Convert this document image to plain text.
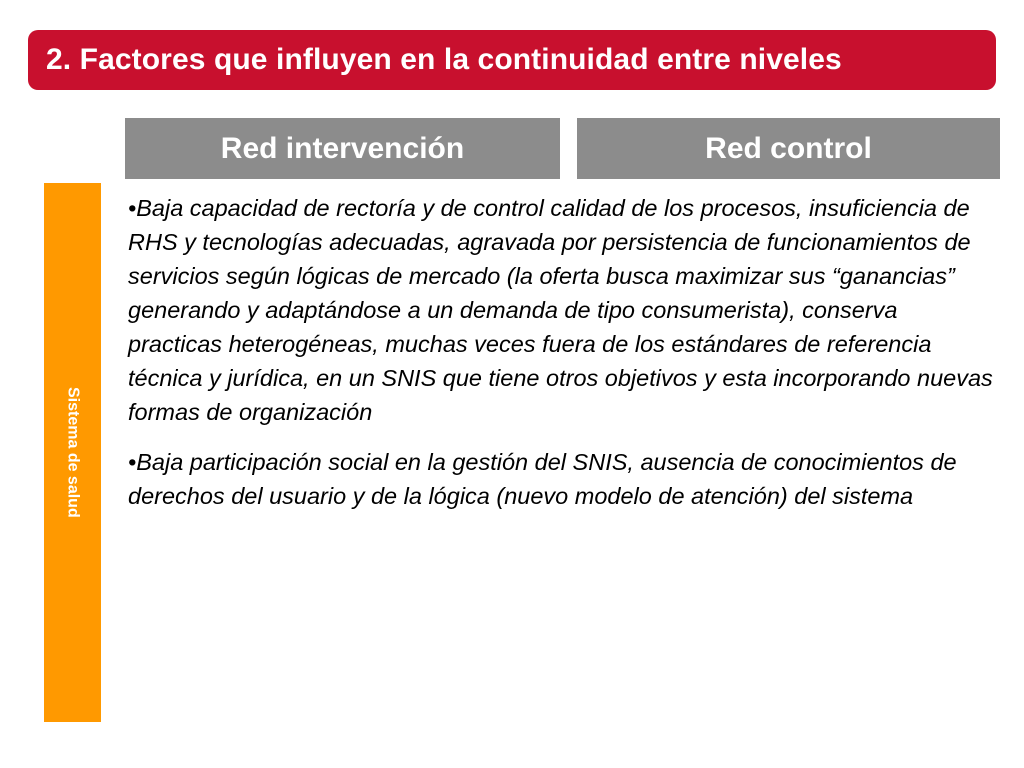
2. Factores que influyen en la continuidad entre niveles
Red intervención	Red control
Sistema de salud

•Baja capacidad de rectoría y de control calidad de los procesos, insuficiencia de RHS y tecnologías adecuadas, agravada por persistencia de funcionamientos de servicios según lógicas de mercado (la oferta busca maximizar sus “ganancias” generando y adaptándose a un demanda de tipo consumerista), conserva practicas heterogéneas, muchas veces fuera de los estándares de referencia técnica y jurídica, en un SNIS que tiene otros objetivos y esta incorporando nuevas formas de organización

•Baja participación social en la gestión del SNIS, ausencia de conocimientos de derechos del usuario y de la lógica (nuevo modelo de atención) del sistema
